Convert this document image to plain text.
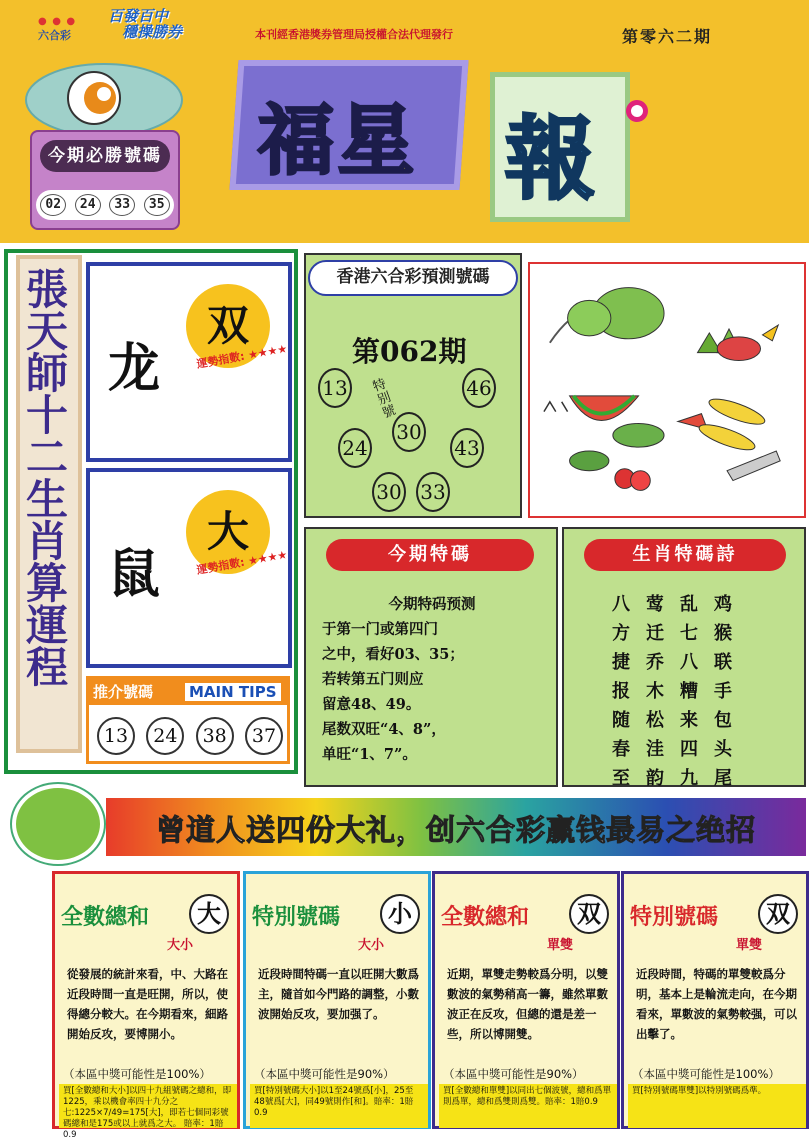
● ● ●
六合彩
百發百中
穩操勝券	本刊經香港獎券管理局授權合法代理發行	第零六二期
今期必勝號碼
02	24	33	35
福星 報
張天師十二生肖算運程 龙
双
運勢指數: ★★★★
鼠
大
運勢指數: ★★★★
推介號碼 MAIN TIPS
13	24	38	37
香港六合彩預測號碼
第062期
特别號
13	46
24
30
43
30 33
今期特碼
今期特码预测
于第一门或第四门
之中，看好03、35；
若转第五门则应
留意48、49。
尾数双旺“4、8”，
单旺“1、7”。
生肖特碼詩
八莺乱鸡
方迁七猴
捷乔八联
报木糟手
随松来包
春洼四头
至韵九尾
曾道人送四份大礼，创六合彩赢钱最易之绝招
全數總和	大
大小
從發展的統計來看，中、大路在近段時間一直是旺開，所以，使得總分較大。在今期看來，細路開始反攻，要博開小。
（本區中獎可能性是100%）
買[全數總和大小]以四十九組號碼之總和，即1225，乘以機會率四十九分之七:1225×7/49=175[大]，即若七個同彩號碼總和是175或以上就爲之大。 賠率：1賠0.9
特別號碼	小
大小
近段時間特碼一直以旺開大數爲主，隨首如今門路的調整，小數波開始反攻，要加强了。
（本區中獎可能性是90%）
買[特別號碼大小]以1至24號爲[小]，25至48號爲[大]，同49號則作[和]。賠率：1賠0.9
全數總和	双
單雙
近期，單雙走勢較爲分明，以雙數波的氣勢稍高一籌，雖然單數波正在反攻，但總的還是差一些，所以博開雙。
（本區中獎可能性是90%）
買[全數總和單雙]以同出七個波號，總和爲單則爲單，總和爲雙則爲雙。賠率：1賠0.9
特別號碼	双
單雙
近段時間，特碼的單雙較爲分明，基本上是輪流走向，在今期看來，單數波的氣勢較强，可以出擊了。
（本區中獎可能性是100%）
買[特別號碼單雙]以特別號碼爲準。
